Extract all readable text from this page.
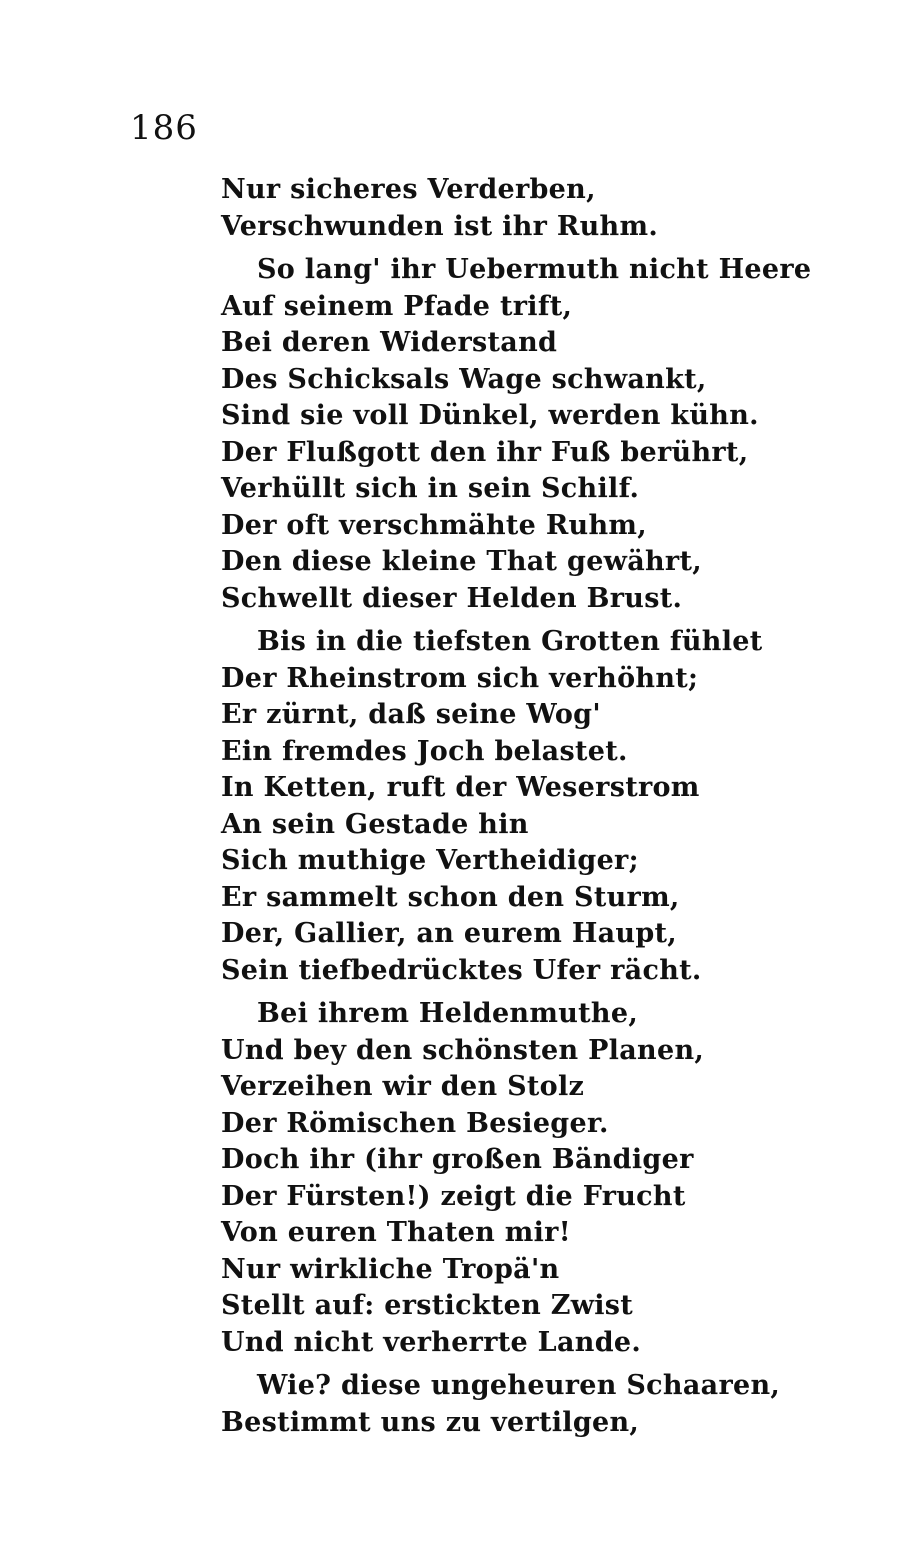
186
Nur sicheres Verderben,
Verschwunden ist ihr Ruhm.
So lang' ihr Uebermuth nicht Heere
Auf seinem Pfade trift,
Bei deren Widerstand
Des Schicksals Wage schwankt,
Sind sie voll Dünkel, werden kühn.
Der Flußgott den ihr Fuß berührt,
Verhüllt sich in sein Schilf.
Der oft verschmähte Ruhm,
Den diese kleine That gewährt,
Schwellt dieser Helden Brust.
Bis in die tiefsten Grotten fühlet
Der Rheinstrom sich verhöhnt;
Er zürnt, daß seine Wog'
Ein fremdes Joch belastet.
In Ketten, ruft der Weserstrom
An sein Gestade hin
Sich muthige Vertheidiger;
Er sammelt schon den Sturm,
Der, Gallier, an eurem Haupt,
Sein tiefbedrücktes Ufer rächt.
Bei ihrem Heldenmuthe,
Und bey den schönsten Planen,
Verzeihen wir den Stolz
Der Römischen Besieger.
Doch ihr (ihr großen Bändiger
Der Fürsten!) zeigt die Frucht
Von euren Thaten mir!
Nur wirkliche Tropä'n
Stellt auf: erstickten Zwist
Und nicht verherrte Lande.
Wie? diese ungeheuren Schaaren,
Bestimmt uns zu vertilgen,
